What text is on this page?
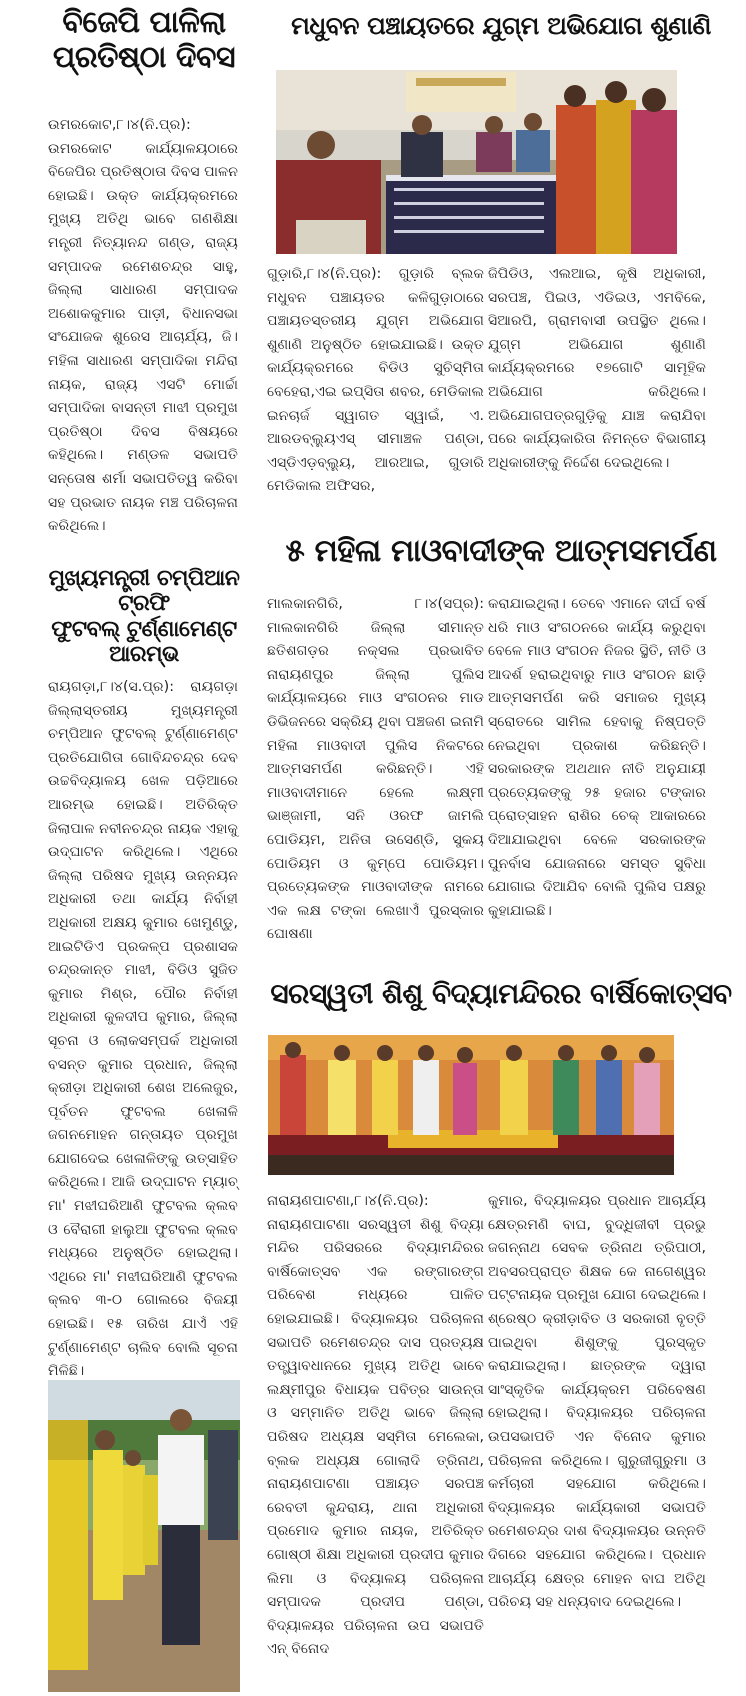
ବିଜେପି ପାଳିଲା
ପ୍ରତିଷ୍ଠା ଦିବସ
ଉମରକୋଟ,୮।୪(ନି.ପ୍ର): ଉମରକୋଟ କାର୍ଯ୍ୟାଳୟଠାରେ ବିଜେପିର ପ୍ରତିଷ୍ଠାତା ଦିବସ ପାଳନ ହୋଇଛି। ଉକ୍ତ କାର୍ଯ୍ୟକ୍ରମରେ ମୁଖ୍ୟ ଅତିଥି ଭାବେ ଗଣଶିକ୍ଷା ମନ୍ତ୍ରୀ ନିତ୍ୟାନନ୍ଦ ଗଣ୍ଡ, ରାଜ୍ୟ ସମ୍ପାଦକ ରମେଶଚନ୍ଦ୍ର ସାହୁ, ଜିଲ୍ଲା ସାଧାରଣ ସମ୍ପାଦକ ଅଶୋକକୁମାର ପାଡ଼ୀ, ବିଧାନସଭା ସଂଯୋଜକ ଶୁରେସ ଆଚାର୍ଯ୍ୟ, ଜି। ମହିଳା ସାଧାରଣ ସମ୍ପାଦିକା ମନ୍ଦିରା ନାୟକ, ରାଜ୍ୟ ଏସଟି ମୋର୍ଚ୍ଚା ସମ୍ପାଦିକା ବାସନ୍ତୀ ମାଝୀ ପ୍ରମୁଖ ପ୍ରତିଷ୍ଠା ଦିବସ ବିଷୟରେ କହିଥିଲେ। ମଣ୍ଡଳ ସଭାପତି ସନ୍ତୋଷ ଶର୍ମା ସଭାପତିତ୍ୱ କରିବା ସହ ପ୍ରଭାତ ନାୟକ ମଞ୍ଚ ପରିଚାଳନା କରିଥିଲେ।
ମୁଖ୍ୟମନ୍ତ୍ରୀ ଚମ୍ପିଆନ ଟ୍ରଫି
ଫୁଟବଲ୍ ଟୁର୍ଣ୍ଣାମେଣ୍ଟ ଆରମ୍ଭ
ରାୟଗଡ଼ା,୮।୪(ସ.ପ୍ର): ରାୟଗଡ଼ା ଜିଲ୍ଲାସ୍ତରୀୟ ମୁଖ୍ୟମନ୍ତ୍ରୀ ଚମ୍ପିଆନ ଫୁଟବଲ୍ ଟୁର୍ଣ୍ଣାମେଣ୍ଟ ପ୍ରତିଯୋଗିତା ଗୋବିନ୍ଦଚନ୍ଦ୍ର ଦେବ ଉଚ୍ଚବିଦ୍ୟାଳୟ ଖେଳ ପଡ଼ିଆରେ ଆରମ୍ଭ ହୋଇଛି। ଅତିରିକ୍ତ ଜିଲାପାଳ ନବୀନଚନ୍ଦ୍ର ନାୟକ ଏହାକୁ ଉଦ୍‌ଘାଟନ କରିଥିଲେ। ଏଥିରେ ଜିଲ୍ଲା ପରିଷଦ ମୁଖ୍ୟ ଉନ୍ନୟନ ଅଧିକାରୀ ତଥା କାର୍ଯ୍ୟ ନିର୍ବାହୀ ଅଧିକାରୀ ଅକ୍ଷୟ କୁମାର ଖେମୁଣ୍ଡୁ, ଆଇଟିଡିଏ ପ୍ରକଳ୍ପ ପ୍ରଶାସକ ଚନ୍ଦ୍ରକାନ୍ତ ମାଝୀ, ବିଡିଓ ସୁଜିତ କୁମାର ମିଶ୍ର, ପୌର ନିର୍ବାହୀ ଅଧିକାରୀ କୁଳଦୀପ କୁମାର, ଜିଲ୍ଲା ସୂଚନା ଓ ଲୋକସମ୍ପର୍କ ଅଧିକାରୀ ବସନ୍ତ କୁମାର ପ୍ରଧାନ, ଜିଲ୍ଲା କ୍ରୀଡ଼ା ଅଧିକାରୀ ଶେଖ ଅଲେଜୁର, ପୂର୍ବତନ ଫୁଟବଲ ଖେଳାଳି ଜଗନମୋହନ ଗନ୍ତାୟତ ପ୍ରମୁଖ ଯୋଗଦେଇ ଖେଳାଳିଙ୍କୁ ଉତ୍ସାହିତ କରିଥିଲେ। ଆଜି ଉଦ୍‌ଘାଟନ ମ୍ୟାଚ୍ ମା' ମଝୀଘରିଆଣି ଫୁଟବଲ କ୍ଲବ ଓ ବୈରାଗୀ ହାଲୁଆ ଫୁଟବଲ କ୍ଲବ ମଧ୍ୟରେ ଅନୁଷ୍ଠିତ ହୋଇଥିଲା। ଏଥିରେ ମା' ମଝୀଘରିଆଣି ଫୁଟବଲ କ୍ଲବ ୩-୦ ଗୋଲରେ ବିଜୟୀ ହୋଇଛି। ୧୫ ତାରିଖ ଯାଏଁ ଏହି ଟୁର୍ଣ୍ଣାମେଣ୍ଟ ଚାଲିବ ବୋଲି ସୂଚନା ମିଳିଛି।
ମଧୁବନ ପଞ୍ଚାୟତରେ ଯୁଗ୍ମ ଅଭିଯୋଗ ଶୁଣାଣି
ଗୁଡ଼ାରି,୮।୪(ନି.ପ୍ର): ଗୁଡ଼ାରି ବ୍ଲକ ମଧୁବନ ପଞ୍ଚାୟତର କଳିଗୁଡ଼ାଠାରେ ପଞ୍ଚାୟତସ୍ତରୀୟ ଯୁଗ୍ମ ଅଭିଯୋଗ ଶୁଣାଣି ଅନୁଷ୍ଠିତ ହୋଇଯାଇଛି। ଉକ୍ତ କାର୍ଯ୍ୟକ୍ରମରେ ବିଡିଓ ସୁଚିସ୍ମିତା ବେହେରା,ଏଇ ଇପ୍ସିତା ଶବର, ମେଡିକାଲ ଇନଚାର୍ଜ ସ୍ୱାଗତ ସ୍ୱାଇଁ, ଏ. ଆରଡବ୍ଲ୍ୟୁଏସ୍ ସୀମାଞ୍ଚଳ ପଣ୍ଡା, ଏସ୍‌ଡିଏଡ଼ବ୍ଲ୍ୟୁ, ଆରଆଇ, ଗୁଡାରି ମେଡିକାଲ ଅଫିସର,
ଜିପିଡିଓ, ଏଲଆଇ, କୃଷି ଅଧିକାରୀ, ସରପଞ୍ଚ, ପିଇଓ, ଏଡିଇଓ, ଏମବିକେ, ସିଆରପି, ଗ୍ରାମବାସୀ ଉପସ୍ଥିତ ଥିଲେ। ଯୁଗ୍ମ ଅଭିଯୋଗ ଶୁଣାଣି କାର୍ଯ୍ୟକ୍ରମରେ ୧୭ଗୋଟି ସାମୂହିକ ଅଭିଯୋଗ କରିଥିଲେ। ଅଭିଯୋଗପତ୍ରଗୁଡ଼ିକୁ ଯାଞ୍ଚ କରାଯିବା ପରେ କାର୍ଯ୍ୟକାରିତା ନିମନ୍ତେ ବିଭାଗୀୟ ଅଧିକାରୀଙ୍କୁ ନିର୍ଦ୍ଦେଶ ଦେଇଥିଲେ।
୫ ମହିଳା ମାଓବାଦୀଙ୍କ ଆତ୍ମସମର୍ପଣ
ମାଲକାନଗିରି, ୮।୪(ସପ୍ର): ମାଲକାନଗିରି ଜିଲ୍ଲା ସୀମାନ୍ତ ଛତିଶଗଡ଼ର ନକ୍ସଲ ପ୍ରଭାବିତ ନାରାୟଣପୁର ଜିଲ୍ଲା ପୁଲିସ କାର୍ଯ୍ୟାଳୟରେ ମାଓ ସଂଗଠନର ମାଡ ଡିଭିଜନରେ ସକ୍ରିୟ ଥିବା ପଞ୍ଚଜଣ ଇନାମି ମହିଳା ମାଓବାଦୀ ପୁଲିସ ନିକଟରେ ଆତ୍ମସମର୍ପଣ କରିଛନ୍ତି। ଏହି ମାଓବାଦୀମାନେ ହେଲେ ଲକ୍ଷ୍ମୀ ଭାଞ୍ଜାମୀ, ସନି ଓରଫ ଜାମଲି ପୋଡିୟମ, ଅନିତା ଉସେଣ୍ଡି, ସୁକୟ ପୋଡିୟମ ଓ କୁମ୍ପେ ପୋଡିୟମ। ପ୍ରତ୍ୟେକଙ୍କ ମାଓବାଦୀଙ୍କ ନାମରେ ଏକ ଲକ୍ଷ ଟଙ୍କା ଲେଖାଏଁ ପୁରସ୍କାର ଘୋଷଣା
କରାଯାଇଥିଲା। ତେବେ ଏମାନେ ଦୀର୍ଘ ବର୍ଷ ଧରି ମାଓ ସଂଗଠନରେ କାର୍ଯ୍ୟ କରୁଥିବା ବେଳେ ମାଓ ସଂଗଠନ ନିଜର ସ୍ଥିତି, ନୀତି ଓ ଆଦର୍ଶ ହରାଇଥିବାରୁ ମାଓ ସଂଗଠନ ଛାଡ଼ି ଆତ୍ମସମର୍ପଣ କରି ସମାଜର ମୁଖ୍ୟ ସ୍ରୋତରେ ସାମିଲ ହେବାକୁ ନିଷ୍ପତ୍ତି ନେଇଥିବା ପ୍ରକାଶ କରିଛନ୍ତି। ସରକାରଙ୍କ ଅଥଥାନ ନୀତି ଅନୁଯାୟୀ ପ୍ରତ୍ୟେକଙ୍କୁ ୨୫ ହଜାର ଟଙ୍କାର ପ୍ରୋତ୍ସାହନ ରାଶିର ଚେକ୍ ଆକାରରେ ଦିଆଯାଇଥିବା ବେଳେ ସରକାରଙ୍କ ପୁନର୍ବାସ ଯୋଜନାରେ ସମସ୍ତ ସୁବିଧା ଯୋଗାଇ ଦିଆଯିବ ବୋଲି ପୁଲିସ ପକ୍ଷରୁ କୁହାଯାଇଛି।
ସରସ୍ୱତୀ ଶିଶୁ ବିଦ୍ୟାମନ୍ଦିରର ବାର୍ଷିକୋତ୍ସବ
ନାରାୟଣପାଟଣା,୮।୪(ନି.ପ୍ର): ନାରାୟଣପାଟଣା ସରସ୍ୱତୀ ଶିଶୁ ବିଦ୍ୟା ମନ୍ଦିର ପରିସରରେ ବିଦ୍ୟାମନ୍ଦିରର ବାର୍ଷିକୋତ୍ସବ ଏକ ରଙ୍ଗାରଙ୍ଗ ପରିବେଶ ମଧ୍ୟରେ ପାଳିତ ହୋଇଯାଇଛି। ବିଦ୍ୟାଳୟର ପରିଚାଳନା ସଭାପତି ରମେଶଚନ୍ଦ୍ର ଦାସ ପ୍ରତ୍ୟକ୍ଷ ତତ୍ତ୍ୱାବଧାନରେ ମୁଖ୍ୟ ଅତିଥି ଭାବେ ଲକ୍ଷ୍ମୀପୁର ବିଧାୟକ ପବିତ୍ର ସାଉନ୍ତା ଓ ସମ୍ମାନିତ ଅତିଥି ଭାବେ ଜିଲ୍ଲା ପରିଷଦ ଅଧ୍ୟକ୍ଷ ସସ୍ମିତା ମେଲେକା, ବ୍ଲକ ଅଧ୍ୟକ୍ଷ ଗୋଲାଦି ତ୍ରିନାଥ, ନାରାୟଣପାଟଣା ପଞ୍ଚାୟତ ସରପଞ୍ଚ ରେବତୀ କୁନ୍ଦରାୟ, ଥାନା ଅଧିକାରୀ ପ୍ରମୋଦ କୁମାର ନାୟକ, ଅତିରିକ୍ତ ଗୋଷ୍ଠୀ ଶିକ୍ଷା ଅଧିକାରୀ ପ୍ରଦୀପ କୁମାର ଲିମା ଓ ବିଦ୍ୟାଳୟ ପରିଚାଳନା ସମ୍ପାଦକ ପ୍ରଦୀପ ପଣ୍ଡା, ବିଦ୍ୟାଳୟର ପରିଚାଳନା ଉପ ସଭାପତି ଏନ୍ ବିନୋଦ
କୁମାର, ବିଦ୍ୟାଳୟର ପ୍ରଧାନ ଆଚାର୍ଯ୍ୟ କ୍ଷେତ୍ରମଣି ବାଘ, ବୁଦ୍ଧିଜୀବୀ ପ୍ରଭୁ ଜଗନ୍ନାଥ ସେବକ ତ୍ରିନାଥ ତ୍ରିପାଠୀ, ଅବସରପ୍ରାପ୍ତ ଶିକ୍ଷକ କେ ନାଗେଶ୍ୱର ପଟ୍ଟନାୟକ ପ୍ରମୁଖ ଯୋଗ ଦେଇଥିଲେ। ଶ୍ରେଷ୍ଠ କ୍ରୀଡ଼ାବିତ ଓ ସରକାରୀ ବୃତ୍ତି ପାଇଥିବା ଶିଶୁଙ୍କୁ ପୁରସ୍କୃତ କରାଯାଇଥିଲା। ଛାତ୍ରଙ୍କ ଦ୍ୱାରା ସାଂସ୍କୃତିକ କାର୍ଯ୍ୟକ୍ରମ ପରିବେଷଣ ହୋଇଥିଲା। ବିଦ୍ୟାଳୟର ପରିଚାଳନା ଉପସଭାପତି ଏନ ବିନୋଦ କୁମାର ପରିଚାଳନା କରିଥିଲେ। ଗୁରୁଜୀଗୁରୁମା ଓ କର୍ମଚାରୀ ସହଯୋଗ କରିଥିଲେ। ବିଦ୍ୟାଳୟର କାର୍ଯ୍ୟକାରୀ ସଭାପତି ରମେଶଚନ୍ଦ୍ର ଦାଶ ବିଦ୍ୟାଳୟର ଉନ୍ନତି ଦିଗରେ ସହଯୋଗ କରିଥିଲେ। ପ୍ରଧାନ ଆଚାର୍ଯ୍ୟ କ୍ଷେତ୍ର ମୋହନ ବାଘ ଅତିଥି ପରିଚୟ ସହ ଧନ୍ୟବାଦ ଦେଇଥିଲେ।
